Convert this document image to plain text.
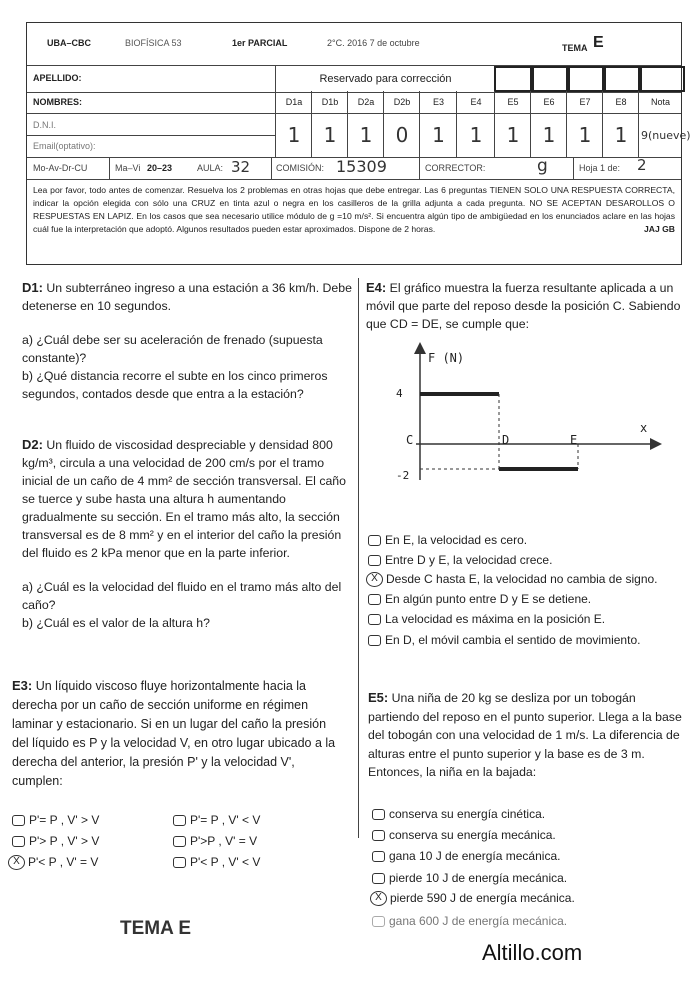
UBA–CBC	BIOFÍSICA 53	1er PARCIAL	2°C. 2016 7 de octubre	TEMA E
APELLIDO:	Reservado para corrección
NOMBRES:	D1a	D1b	D2a	D2b	E3	E4	E5	E6	E7	E8	Nota
D.N.I.
Email(optativo):	1	1	1	0	1	1	1	1	1	1	9(nueve)
Mo-Av-Dr-CU	Ma–Vi 20–23	AULA: 32	COMISIÓN: 15309	CORRECTOR:	g	Hoja 1 de: 2
Lea por favor, todo antes de comenzar. Resuelva los 2 problemas en otras hojas que debe entregar. Las 6 preguntas TIENEN SOLO UNA RESPUESTA CORRECTA, indicar la opción elegida con sólo una CRUZ en tinta azul o negra en los casilleros de la grilla adjunta a cada pregunta. NO SE ACEPTAN DESAROLLOS O RESPUESTAS EN LAPIZ. En los casos que sea necesario utilice módulo de g =10 m/s². Si encuentra algún tipo de ambigüedad en los enunciados aclare en las hojas cuál fue la interpretación que adoptó. Algunos resultados pueden estar aproximados. Dispone de 2 horas.	JAJ GB
D1: Un subterráneo ingreso a una estación a 36 km/h. Debe detenerse en 10 segundos.
a) ¿Cuál debe ser su aceleración de frenado (supuesta constante)?
b) ¿Qué distancia recorre el subte en los cinco primeros segundos, contados desde que entra a la estación?
D2: Un fluido de viscosidad despreciable y densidad 800 kg/m³, circula a una velocidad de 200 cm/s por el tramo inicial de un caño de 4 mm² de sección transversal. El caño se tuerce y sube hasta una altura h aumentando gradualmente su sección. En el tramo más alto, la sección transversal es de 8 mm² y en el interior del caño la presión del fluido es 2 kPa menor que en la parte inferior.
a) ¿Cuál es la velocidad del fluido en el tramo más alto del caño?
b) ¿Cuál es el valor de la altura h?
E3: Un líquido viscoso fluye horizontalmente hacia la derecha por un caño de sección uniforme en régimen laminar y estacionario. Si en un lugar del caño la presión del líquido es P y la velocidad V, en otro lugar ubicado a la derecha del anterior, la presión P' y la velocidad V', cumplen:
P'= P , V' > V	P'= P , V' < V
P'> P , V' > V	P'>P , V' = V
X P'< P , V' = V	P'< P , V' < V
E4: El gráfico muestra la fuerza resultante aplicada a un móvil que parte del reposo desde la posición C. Sabiendo que CD = DE, se cumple que:
F (N)
x
4
-2
C	D	E
En E, la velocidad es cero.
Entre D y E, la velocidad crece.
X Desde C hasta E, la velocidad no cambia de signo.
En algún punto entre D y E se detiene.
La velocidad es máxima en la posición E.
En D, el móvil cambia el sentido de movimiento.
E5: Una niña de 20 kg se desliza por un tobogán partiendo del reposo en el punto superior. Llega a la base del tobogán con una velocidad de 1 m/s. La diferencia de alturas entre el punto superior y la base es de 3 m. Entonces, la niña en la bajada:
conserva su energía cinética.
conserva su energía mecánica.
gana 10 J de energía mecánica.
pierde 10 J de energía mecánica.
X pierde 590 J de energía mecánica.
gana 600 J de energía mecánica.
TEMA E
Altillo.com
